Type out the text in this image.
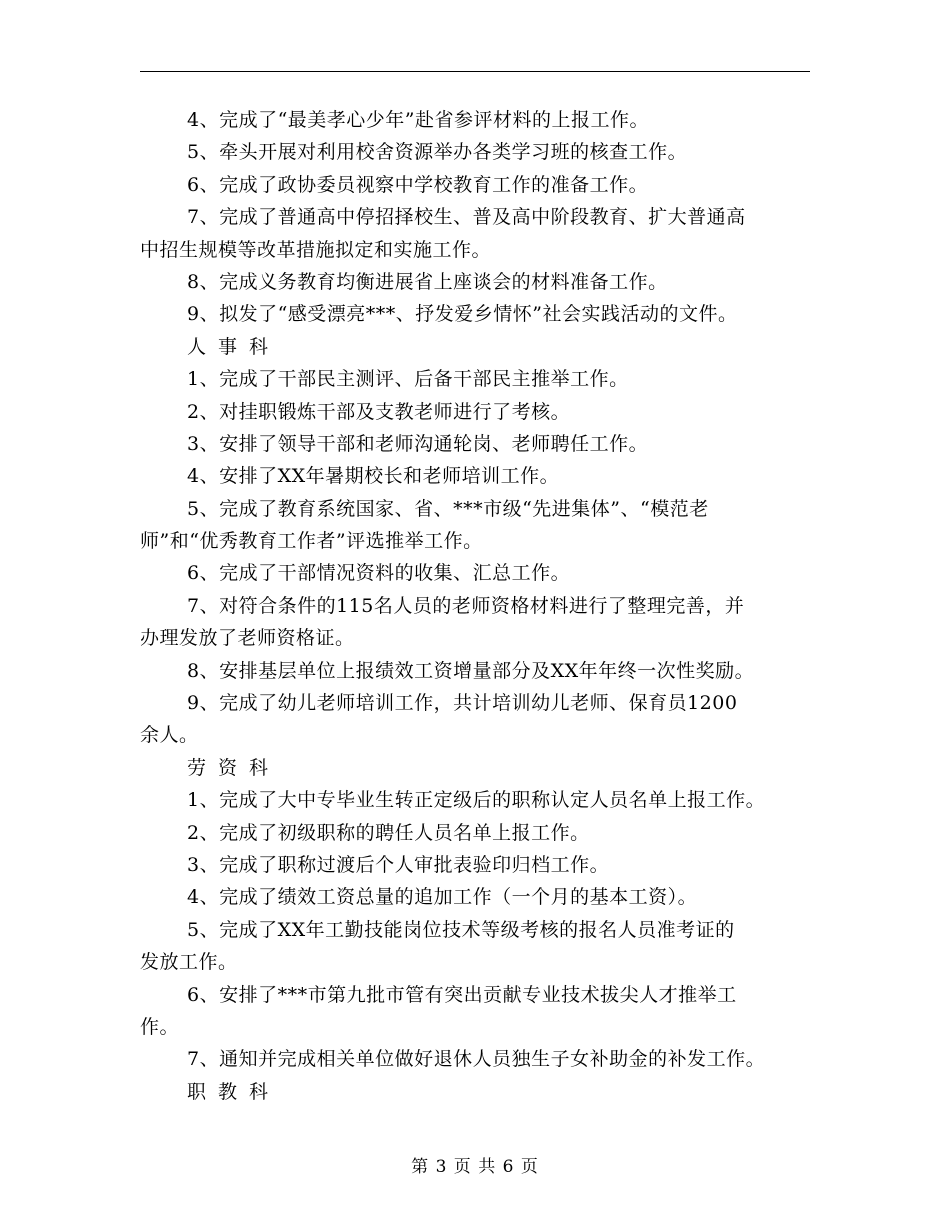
4、完成了“最美孝心少年”赴省参评材料的上报工作。
5、牵头开展对利用校舍资源举办各类学习班的核查工作。
6、完成了政协委员视察中学校教育工作的准备工作。
7、完成了普通高中停招择校生、普及高中阶段教育、扩大普通高
中招生规模等改革措施拟定和实施工作。
8、完成义务教育均衡进展省上座谈会的材料准备工作。
9、拟发了“感受漂亮***、抒发爱乡情怀”社会实践活动的文件。
人事科
1、完成了干部民主测评、后备干部民主推举工作。
2、对挂职锻炼干部及支教老师进行了考核。
3、安排了领导干部和老师沟通轮岗、老师聘任工作。
4、安排了XX年暑期校长和老师培训工作。
5、完成了教育系统国家、省、***市级“先进集体”、“模范老
师”和“优秀教育工作者”评选推举工作。
6、完成了干部情况资料的收集、汇总工作。
7、对符合条件的115名人员的老师资格材料进行了整理完善，并
办理发放了老师资格证。
8、安排基层单位上报绩效工资增量部分及XX年年终一次性奖励。
9、完成了幼儿老师培训工作，共计培训幼儿老师、保育员1200
余人。
劳资科
1、完成了大中专毕业生转正定级后的职称认定人员名单上报工作。
2、完成了初级职称的聘任人员名单上报工作。
3、完成了职称过渡后个人审批表验印归档工作。
4、完成了绩效工资总量的追加工作（一个月的基本工资）。
5、完成了XX年工勤技能岗位技术等级考核的报名人员准考证的
发放工作。
6、安排了***市第九批市管有突出贡献专业技术拔尖人才推举工
作。
7、通知并完成相关单位做好退休人员独生子女补助金的补发工作。
职教科
第 3 页 共 6 页
